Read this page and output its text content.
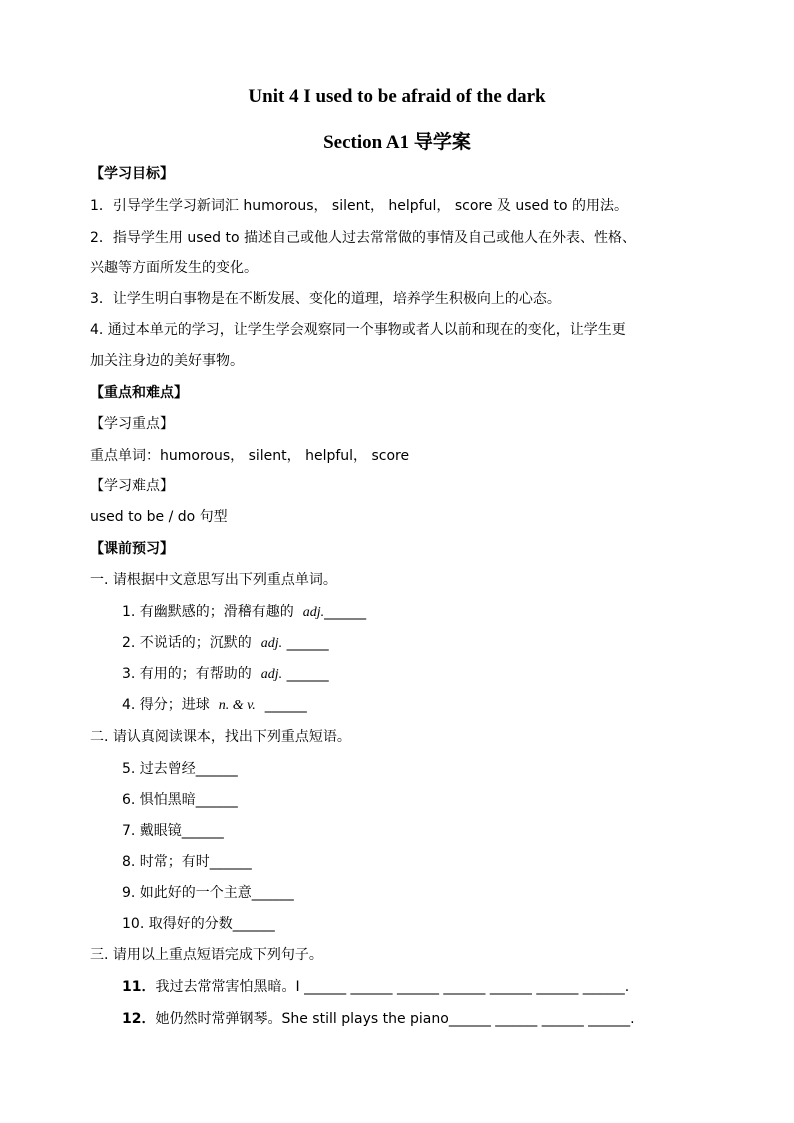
Unit 4 I used to be afraid of the dark
Section A1 导学案
【学习目标】
1．引导学生学习新词汇 humorous， silent， helpful， score 及 used to 的用法。
2．指导学生用 used to 描述自己或他人过去常常做的事情及自己或他人在外表、性格、
兴趣等方面所发生的变化。
3．让学生明白事物是在不断发展、变化的道理，培养学生积极向上的心态。
4. 通过本单元的学习，让学生学会观察同一个事物或者人以前和现在的变化，让学生更
加关注身边的美好事物。
【重点和难点】
【学习重点】
重点单词：humorous， silent， helpful， score
【学习难点】
used to be / do 句型
【课前预习】
一. 请根据中文意思写出下列重点单词。
1. 有幽默感的；滑稽有趣的 adj.______
2. 不说话的；沉默的 adj. ______
3. 有用的；有帮助的 adj. ______
4. 得分；进球 n. & v. ______
二. 请认真阅读课本，找出下列重点短语。
5. 过去曾经______
6. 惧怕黑暗______
7. 戴眼镜______
8. 时常；有时______
9. 如此好的一个主意______
10. 取得好的分数______
三. 请用以上重点短语完成下列句子。
11．我过去常常害怕黑暗。I ______ ______ ______ ______ ______ ______ ______.
12．她仍然时常弹钢琴。She still plays the piano______ ______ ______ ______.
